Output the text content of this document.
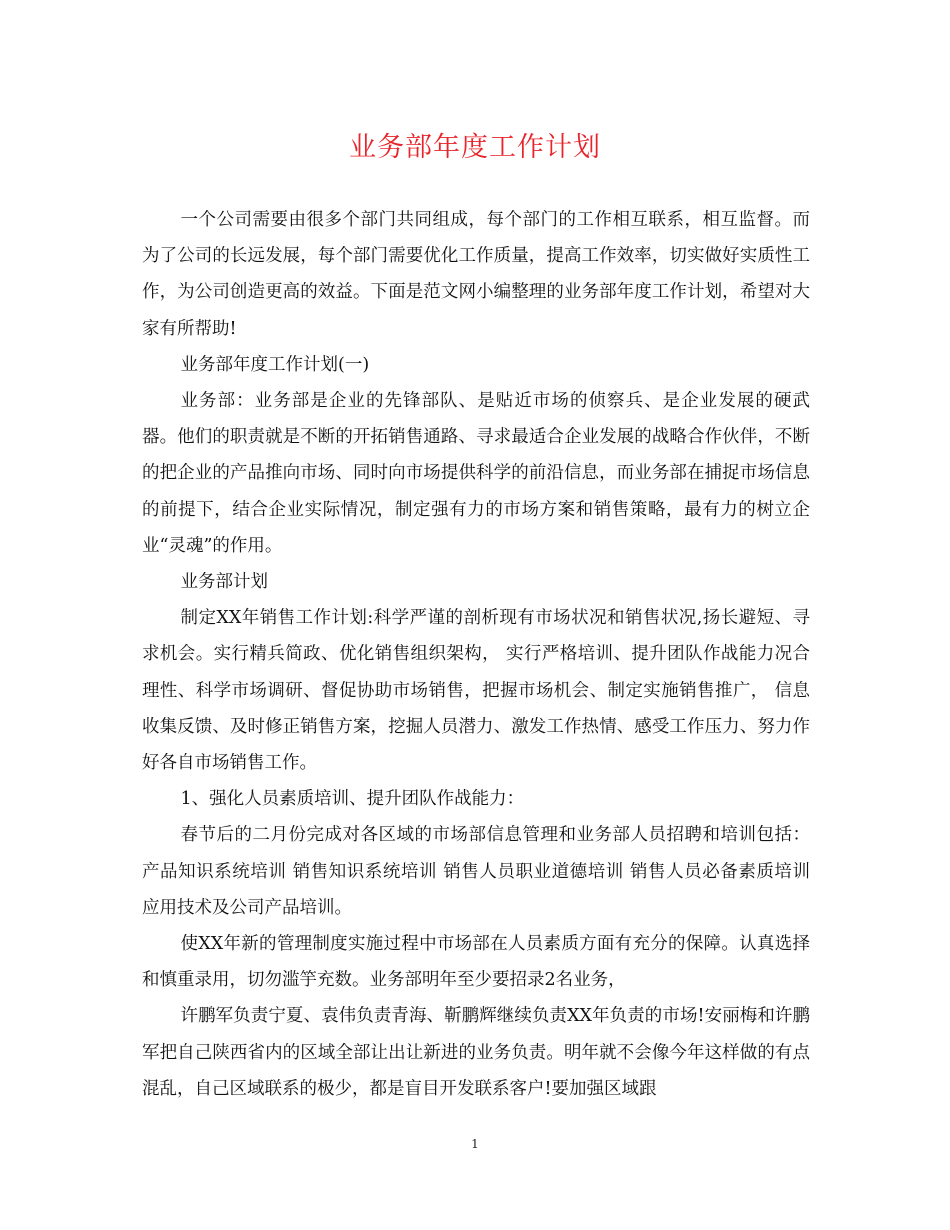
业务部年度工作计划

一个公司需要由很多个部门共同组成，每个部门的工作相互联系，相互监督。而为了公司的长远发展，每个部门需要优化工作质量，提高工作效率，切实做好实质性工作，为公司创造更高的效益。下面是范文网小编整理的业务部年度工作计划，希望对大家有所帮助!

业务部年度工作计划(一)

业务部：业务部是企业的先锋部队、是贴近市场的侦察兵、是企业发展的硬武器。他们的职责就是不断的开拓销售通路、寻求最适合企业发展的战略合作伙伴，不断的把企业的产品推向市场、同时向市场提供科学的前沿信息，而业务部在捕捉市场信息的前提下，结合企业实际情况，制定强有力的市场方案和销售策略，最有力的树立企业“灵魂”的作用。

业务部计划

制定XX年销售工作计划:科学严谨的剖析现有市场状况和销售状况,扬长避短、寻求机会。实行精兵简政、优化销售组织架构， 实行严格培训、提升团队作战能力况合理性、科学市场调研、督促协助市场销售，把握市场机会、制定实施销售推广， 信息收集反馈、及时修正销售方案，挖掘人员潜力、激发工作热情、感受工作压力、努力作好各自市场销售工作。

1、强化人员素质培训、提升团队作战能力：

春节后的二月份完成对各区域的市场部信息管理和业务部人员招聘和培训包括：产品知识系统培训 销售知识系统培训 销售人员职业道德培训 销售人员必备素质培训 应用技术及公司产品培训。

使XX年新的管理制度实施过程中市场部在人员素质方面有充分的保障。认真选择和慎重录用，切勿滥竽充数。业务部明年至少要招录2名业务，

许鹏军负责宁夏、袁伟负责青海、靳鹏辉继续负责XX年负责的市场!安丽梅和许鹏军把自己陕西省内的区域全部让出让新进的业务负责。明年就不会像今年这样做的有点混乱，自己区域联系的极少，都是盲目开发联系客户!要加强区域跟

1
